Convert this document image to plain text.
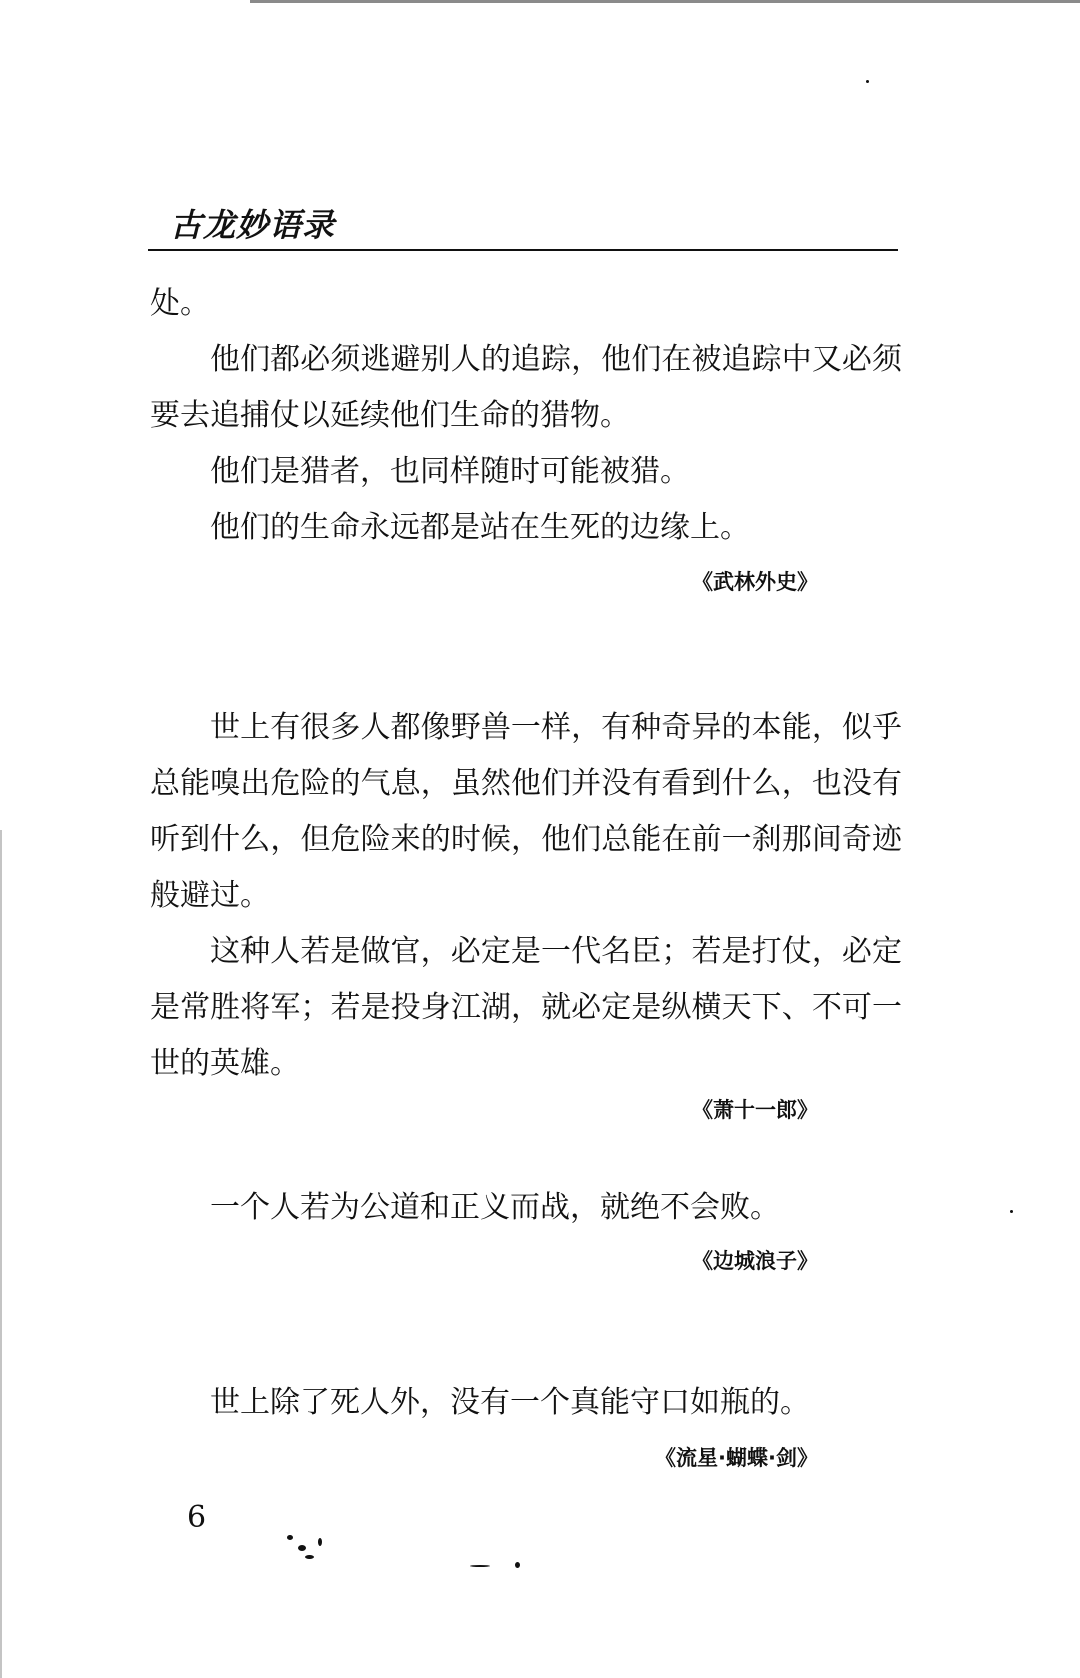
古龙妙语录

处。

他们都必须逃避别人的追踪，他们在被追踪中又必须要去追捕仗以延续他们生命的猎物。

他们是猎者，也同样随时可能被猎。

他们的生命永远都是站在生死的边缘上。

《武林外史》

世上有很多人都像野兽一样，有种奇异的本能，似乎总能嗅出危险的气息，虽然他们并没有看到什么，也没有听到什么，但危险来的时候，他们总能在前一刹那间奇迹般避过。

这种人若是做官，必定是一代名臣；若是打仗，必定是常胜将军；若是投身江湖，就必定是纵横天下、不可一世的英雄。

《萧十一郎》

一个人若为公道和正义而战，就绝不会败。

《边城浪子》

世上除了死人外，没有一个真能守口如瓶的。

《流星·蝴蝶·剑》
6
